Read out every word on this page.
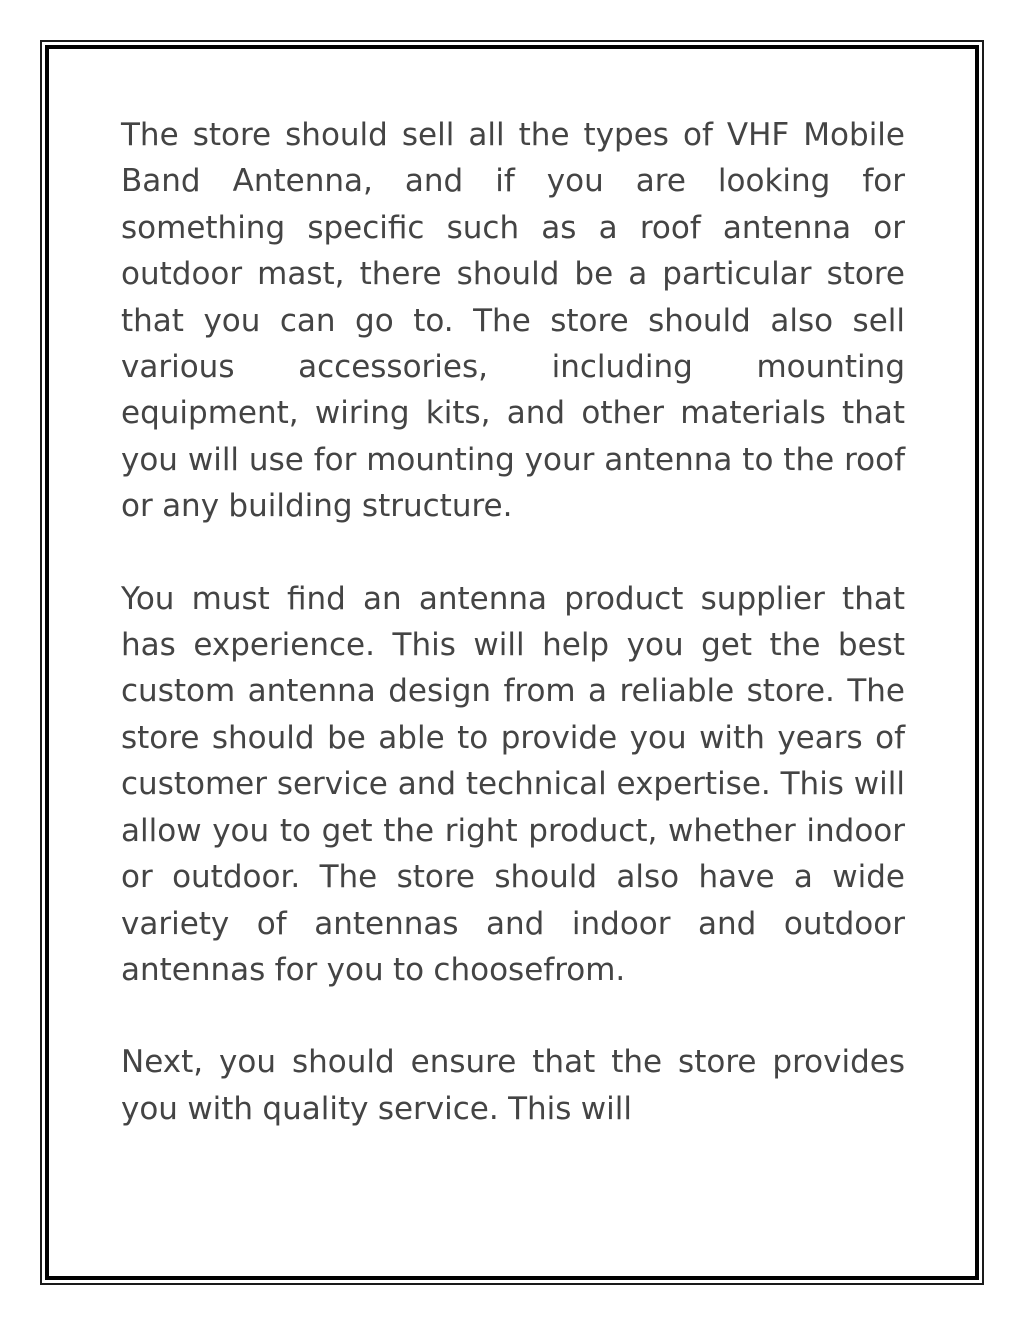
The store should sell all the types of VHF Mobile Band Antenna, and if you are looking for something specific such as a roof antenna or outdoor mast, there should be a particular store that you can go to. The store should also sell various accessories, including mounting equipment, wiring kits, and other materials that you will use for mounting your antenna to the roof or any building structure.

You must find an antenna product supplier that has experience. This will help you get the best custom antenna design from a reliable store. The store should be able to provide you with years of customer service and technical expertise. This will allow you to get the right product, whether indoor or outdoor. The store should also have a wide variety of antennas and indoor and outdoor antennas for you to choosefrom.

Next, you should ensure that the store provides you with quality service. This will
